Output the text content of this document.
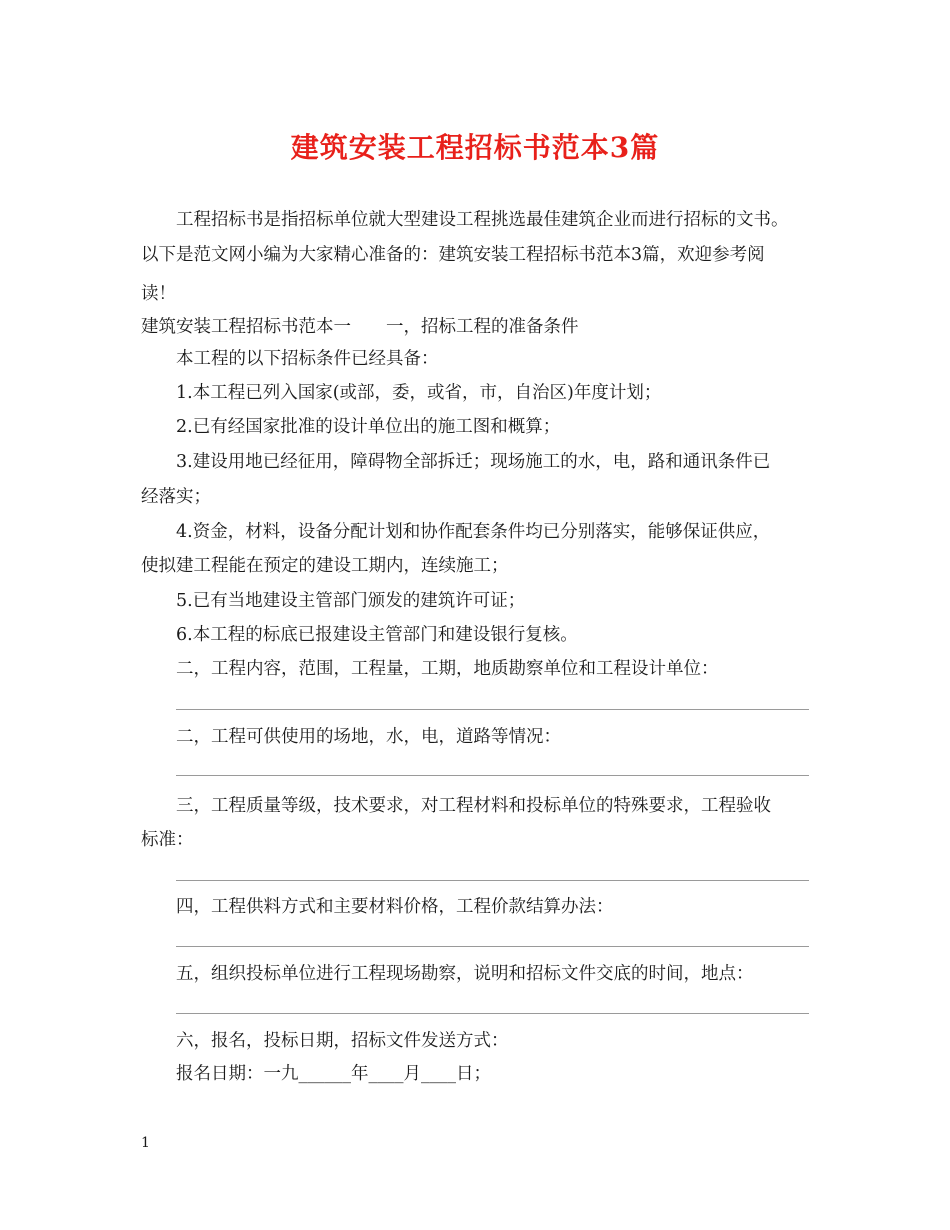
建筑安装工程招标书范本3篇
工程招标书是指招标单位就大型建设工程挑选最佳建筑企业而进行招标的文书。
以下是范文网小编为大家精心准备的：建筑安装工程招标书范本3篇，欢迎参考阅
读！
建筑安装工程招标书范本一　　一，招标工程的准备条件
本工程的以下招标条件已经具备：
1.本工程已列入国家(或部，委，或省，市，自治区)年度计划；
2.已有经国家批准的设计单位出的施工图和概算；
3.建设用地已经征用，障碍物全部拆迁；现场施工的水，电，路和通讯条件已
经落实；
4.资金，材料，设备分配计划和协作配套条件均已分别落实，能够保证供应，
使拟建工程能在预定的建设工期内，连续施工；
5.已有当地建设主管部门颁发的建筑许可证；
6.本工程的标底已报建设主管部门和建设银行复核。
二，工程内容，范围，工程量，工期，地质勘察单位和工程设计单位：
二，工程可供使用的场地，水，电，道路等情况：
三，工程质量等级，技术要求，对工程材料和投标单位的特殊要求，工程验收
标准：
四，工程供料方式和主要材料价格，工程价款结算办法：
五，组织投标单位进行工程现场勘察，说明和招标文件交底的时间，地点：
六，报名，投标日期，招标文件发送方式：
报名日期：一九______年____月____日；
1
